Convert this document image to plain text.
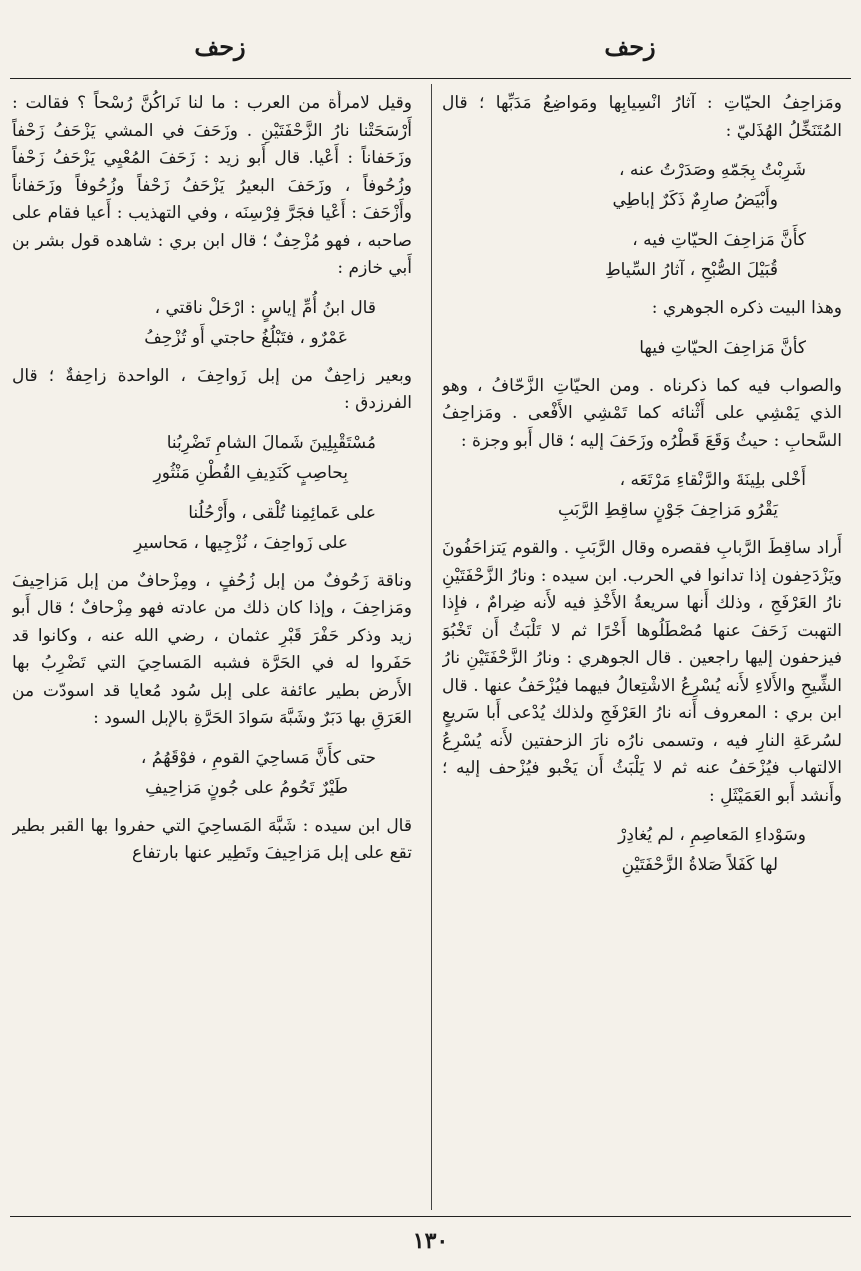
زحف
زحف

ومَزاحِفُ الحيّاتِ : آثارُ انْسِيابِها ومَواضِعُ مَدَبِّها ؛ قال المُتَنَخِّلُ الهُذَليّ :

شَرِبْتُ بِجَمّهِ وصَدَرْتُ عنه ،
وأَبْيَضُ صارِمٌ ذَكَرٌ إباطِي
كأَنَّ مَزاحِفَ الحيّاتِ فيه ،
قُبَيْلَ الصُّبْحِ ، آثارُ السِّياطِ

وهذا البيت ذكره الجوهري :

كأنَّ مَزاحِفَ الحيّاتِ فيها

والصواب فيه كما ذكرناه . ومن الحيّاتِ الزَّحّافُ ، وهو الذي يَمْشِي على أَثْنائه كما تَمْشِي الأَفْعى . ومَزاحِفُ السَّحابِ : حيثُ وَقَعَ قَطْرُه وزَحَفَ إليه ؛ قال أَبو وجزة :

أَخْلى بلِينَةَ والرَّنْقاءِ مَرْتَعَه ،
يَقْرُو مَزاحِفَ جَوْنٍ ساقِطِ الرَّبَبِ

أَراد ساقِطَ الرَّبابِ فقصره وقال الرَّبَبِ . والقوم يَتزاحَفُونَ ويَزْدَحِفون إذا تدانوا في الحرب. ابن سيده : ونارُ الزَّحْفَتَيْنِ نارُ العَرْفَجِ ، وذلك أَنها سريعةُ الأَخْذِ فيه لأَنه ضِرامٌ ، فإِذا التهبت زَحَفَ عنها مُصْطَلُوها أَخْرًا ثم لا تَلْبَثُ أَن تَخْبُوَ فيزحفون إليها راجعين . قال الجوهري : ونارُ الزَّحْفَتَيْنِ نارُ الشِّيحِ والأَلاءِ لأَنه يُسْرِعُ الاشْتِعالُ فيهما فيُزْحَفُ عنها . قال ابن بري : المعروف أَنه نارُ العَرْفَجِ ولذلك يُدْعى أَبا سَريعٍ لسُرعَةِ النارِ فيه ، وتسمى نارُه نارَ الزحفتين لأَنه يُسْرِعُ الالتهاب فيُزْحَفُ عنه ثم لا يَلْبَثُ أَن يَخْبو فيُزْحف إليه ؛ وأَنشد أَبو العَمَيْثَلِ :

وسَوْداءِ المَعاصِمِ ، لم يُغادِرْ
لها كَفَلاً صَلاةُ الزَّحْفَتَيْنِ

وقيل لامرأَة من العرب : ما لنا نَراكُنَّ رُسْحاً ؟ فقالت : أَرْسَحَتْنا نارُ الزَّحْفَتَيْنِ . وزَحَفَ في المشي يَزْحَفُ زَحْفاً وزَحَفاناً : أَعْيا. قال أَبو زيد : زَحَفَ المُعْيِي يَزْحَفُ زَحْفاً وزُحُوفاً ، وزَحَفَ البعيرُ يَزْحَفُ زَحْفاً وزُحُوفاً وزَحَفاناً وأَزْحَفَ : أَعْيا فجَرَّ فِرْسِنَه ، وفي التهذيب : أَعيا فقام على صاحبه ، فهو مُزْحِفٌ ؛ قال ابن بري : شاهده قول بشر بن أَبي خازم :

قال ابنُ أُمِّ إياسٍ : ارْحَلْ ناقتي ،
عَمْرٌو ، فتَبْلُغُ حاجتي أَو تُزْحِفُ

وبعير زاحِفٌ من إبل زَواحِفَ ، الواحدة زاحِفةٌ ؛ قال الفرزدق :

مُسْتَقْبِلِينَ شَمالَ الشامِ تَضْرِبُنا
بِحاصِبٍ كَنَدِيفِ القُطْنِ مَنْثُورِ
على عَمائِمِنا تُلْقى ، وأَرْحُلُنا
على زَواحِفَ ، نُزْجِيها ، مَحاسيرِ

وناقة زَحُوفٌ من إبل زُحُفٍ ، ومِزْحافٌ من إبل مَزاحِيفَ ومَزاحِفَ ، وإذا كان ذلك من عادته فهو مِزْحافٌ ؛ قال أَبو زيد وذكر حَفْرَ قَبْرِ عثمان ، رضي الله عنه ، وكانوا قد حَفَروا له في الحَرَّة فشبه المَساحِيَ التي تَضْرِبُ بها الأَرض بطير عائفة على إبل سُود مُعايا قد اسودّت من العَرَقِ بها دَبَرٌ وشَبَّهَ سَوادَ الحَرَّةِ بالإبل السود :

حتى كأَنَّ مَساحِيَ القومِ ، فوْقَهُمُ ،
طَيْرٌ تَحُومُ على جُونٍ مَزاحِيفِ

قال ابن سيده : شَبَّهَ المَساحِيَ التي حفروا بها القبر بطير تقع على إبل مَزاحِيفَ وتَطِير عنها بارتفاع

١٣٠
